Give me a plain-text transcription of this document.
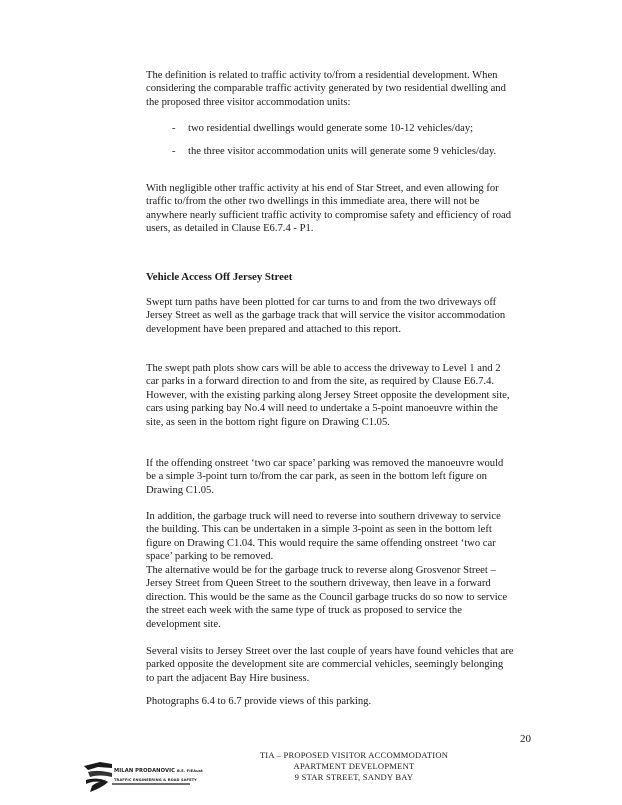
The definition is related to traffic activity to/from a residential development. When considering the comparable traffic activity generated by two residential dwelling and the proposed three visitor accommodation units:

- two residential dwellings would generate some 10-12 vehicles/day;
- the three visitor accommodation units will generate some 9 vehicles/day.

With negligible other traffic activity at his end of Star Street, and even allowing for traffic to/from the other two dwellings in this immediate area, there will not be anywhere nearly sufficient traffic activity to compromise safety and efficiency of road users, as detailed in Clause E6.7.4 - P1.

Vehicle Access Off Jersey Street

Swept turn paths have been plotted for car turns to and from the two driveways off Jersey Street as well as the garbage track that will service the visitor accommodation development have been prepared and attached to this report.

The swept path plots show cars will be able to access the driveway to Level 1 and 2 car parks in a forward direction to and from the site, as required by Clause E6.7.4. However, with the existing parking along Jersey Street opposite the development site, cars using parking bay No.4 will need to undertake a 5-point manoeuvre within the site, as seen in the bottom right figure on Drawing C1.05.

If the offending onstreet ‘two car space’ parking was removed the manoeuvre would be a simple 3-point turn to/from the car park, as seen in the bottom left figure on Drawing C1.05.

In addition, the garbage truck will need to reverse into southern driveway to service the building. This can be undertaken in a simple 3-point as seen in the bottom left figure on Drawing C1.04. This would require the same offending onstreet ‘two car space’ parking to be removed.

The alternative would be for the garbage truck to reverse along Grosvenor Street – Jersey Street from Queen Street to the southern driveway, then leave in a forward direction. This would be the same as the Council garbage trucks do so now to service the street each week with the same type of truck as proposed to service the development site.

Several visits to Jersey Street over the last couple of years have found vehicles that are parked opposite the development site are commercial vehicles, seemingly belonging to part the adjacent Bay Hire business.

Photographs 6.4 to 6.7 provide views of this parking.

20
TIA – PROPOSED VISITOR ACCOMMODATION
APARTMENT DEVELOPMENT
9 STAR STREET, SANDY BAY
MILAN PRODANOVIC B.E. FIEAust
TRAFFIC ENGINEERING & ROAD SAFETY
